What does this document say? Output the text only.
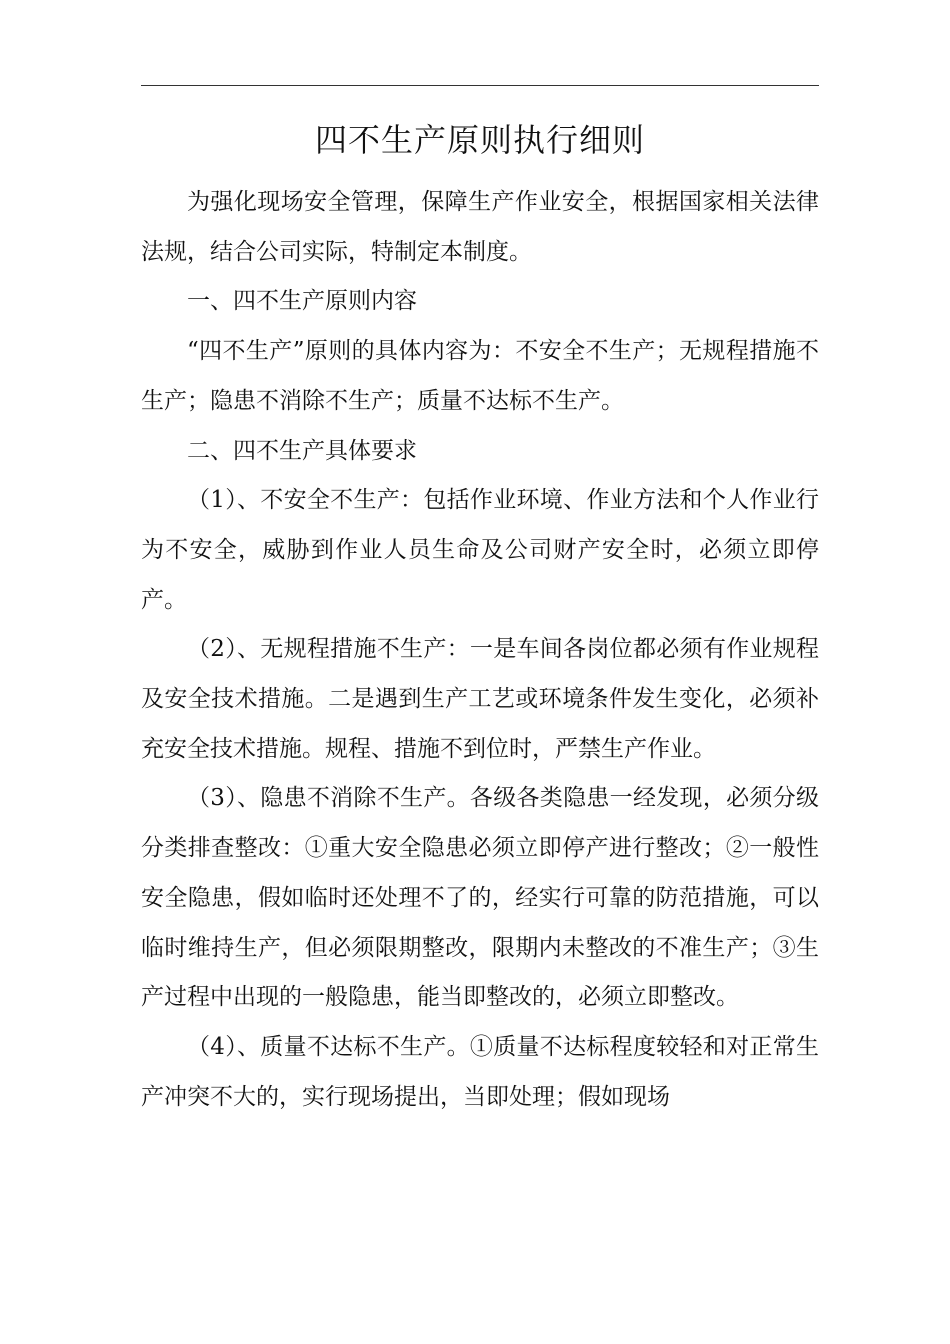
四不生产原则执行细则

为强化现场安全管理，保障生产作业安全，根据国家相关法律法规，结合公司实际，特制定本制度。

一、四不生产原则内容

“四不生产”原则的具体内容为：不安全不生产；无规程措施不生产；隐患不消除不生产；质量不达标不生产。

二、四不生产具体要求

（1）、不安全不生产：包括作业环境、作业方法和个人作业行为不安全，威胁到作业人员生命及公司财产安全时，必须立即停产。

（2）、无规程措施不生产：一是车间各岗位都必须有作业规程及安全技术措施。二是遇到生产工艺或环境条件发生变化，必须补充安全技术措施。规程、措施不到位时，严禁生产作业。

（3）、隐患不消除不生产。各级各类隐患一经发现，必须分级分类排查整改：①重大安全隐患必须立即停产进行整改；②一般性安全隐患，假如临时还处理不了的，经实行可靠的防范措施，可以临时维持生产，但必须限期整改，限期内未整改的不准生产；③生产过程中出现的一般隐患，能当即整改的，必须立即整改。

（4）、质量不达标不生产。①质量不达标程度较轻和对正常生产冲突不大的，实行现场提出，当即处理；假如现场
